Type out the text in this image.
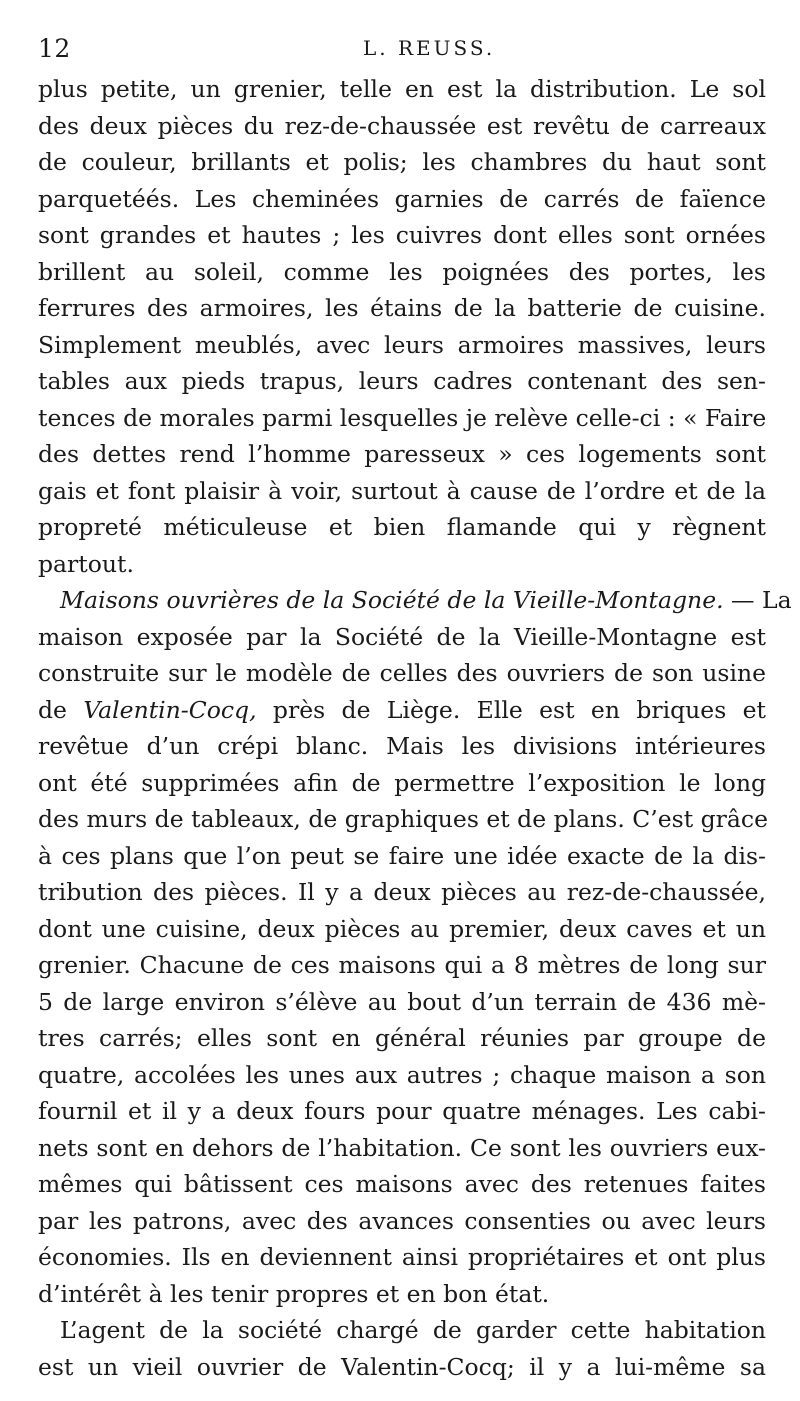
12	L. REUSS.
plus petite, un grenier, telle en est la distribution. Le sol
des deux pièces du rez-de-chaussée est revêtu de carreaux
de couleur, brillants et polis; les chambres du haut sont
parquetéés. Les cheminées garnies de carrés de faïence
sont grandes et hautes ; les cuivres dont elles sont ornées
brillent au soleil, comme les poignées des portes, les
ferrures des armoires, les étains de la batterie de cuisine.
Simplement meublés, avec leurs armoires massives, leurs
tables aux pieds trapus, leurs cadres contenant des sen-
tences de morales parmi lesquelles je relève celle-ci : « Faire
des dettes rend l’homme paresseux » ces logements sont
gais et font plaisir à voir, surtout à cause de l’ordre et de la
propreté méticuleuse et bien flamande qui y règnent
partout.
Maisons ouvrières de la Société de la Vieille-Montagne. — La
maison exposée par la Société de la Vieille-Montagne est
construite sur le modèle de celles des ouvriers de son usine
de Valentin-Cocq, près de Liège. Elle est en briques et
revêtue d’un crépi blanc. Mais les divisions intérieures
ont été supprimées afin de permettre l’exposition le long
des murs de tableaux, de graphiques et de plans. C’est grâce
à ces plans que l’on peut se faire une idée exacte de la dis-
tribution des pièces. Il y a deux pièces au rez-de-chaussée,
dont une cuisine, deux pièces au premier, deux caves et un
grenier. Chacune de ces maisons qui a 8 mètres de long sur
5 de large environ s’élève au bout d’un terrain de 436 mè-
tres carrés; elles sont en général réunies par groupe de
quatre, accolées les unes aux autres ; chaque maison a son
fournil et il y a deux fours pour quatre ménages. Les cabi-
nets sont en dehors de l’habitation. Ce sont les ouvriers eux-
mêmes qui bâtissent ces maisons avec des retenues faites
par les patrons, avec des avances consenties ou avec leurs
économies. Ils en deviennent ainsi propriétaires et ont plus
d’intérêt à les tenir propres et en bon état.
L’agent de la société chargé de garder cette habitation
est un vieil ouvrier de Valentin-Cocq; il y a lui-même sa
